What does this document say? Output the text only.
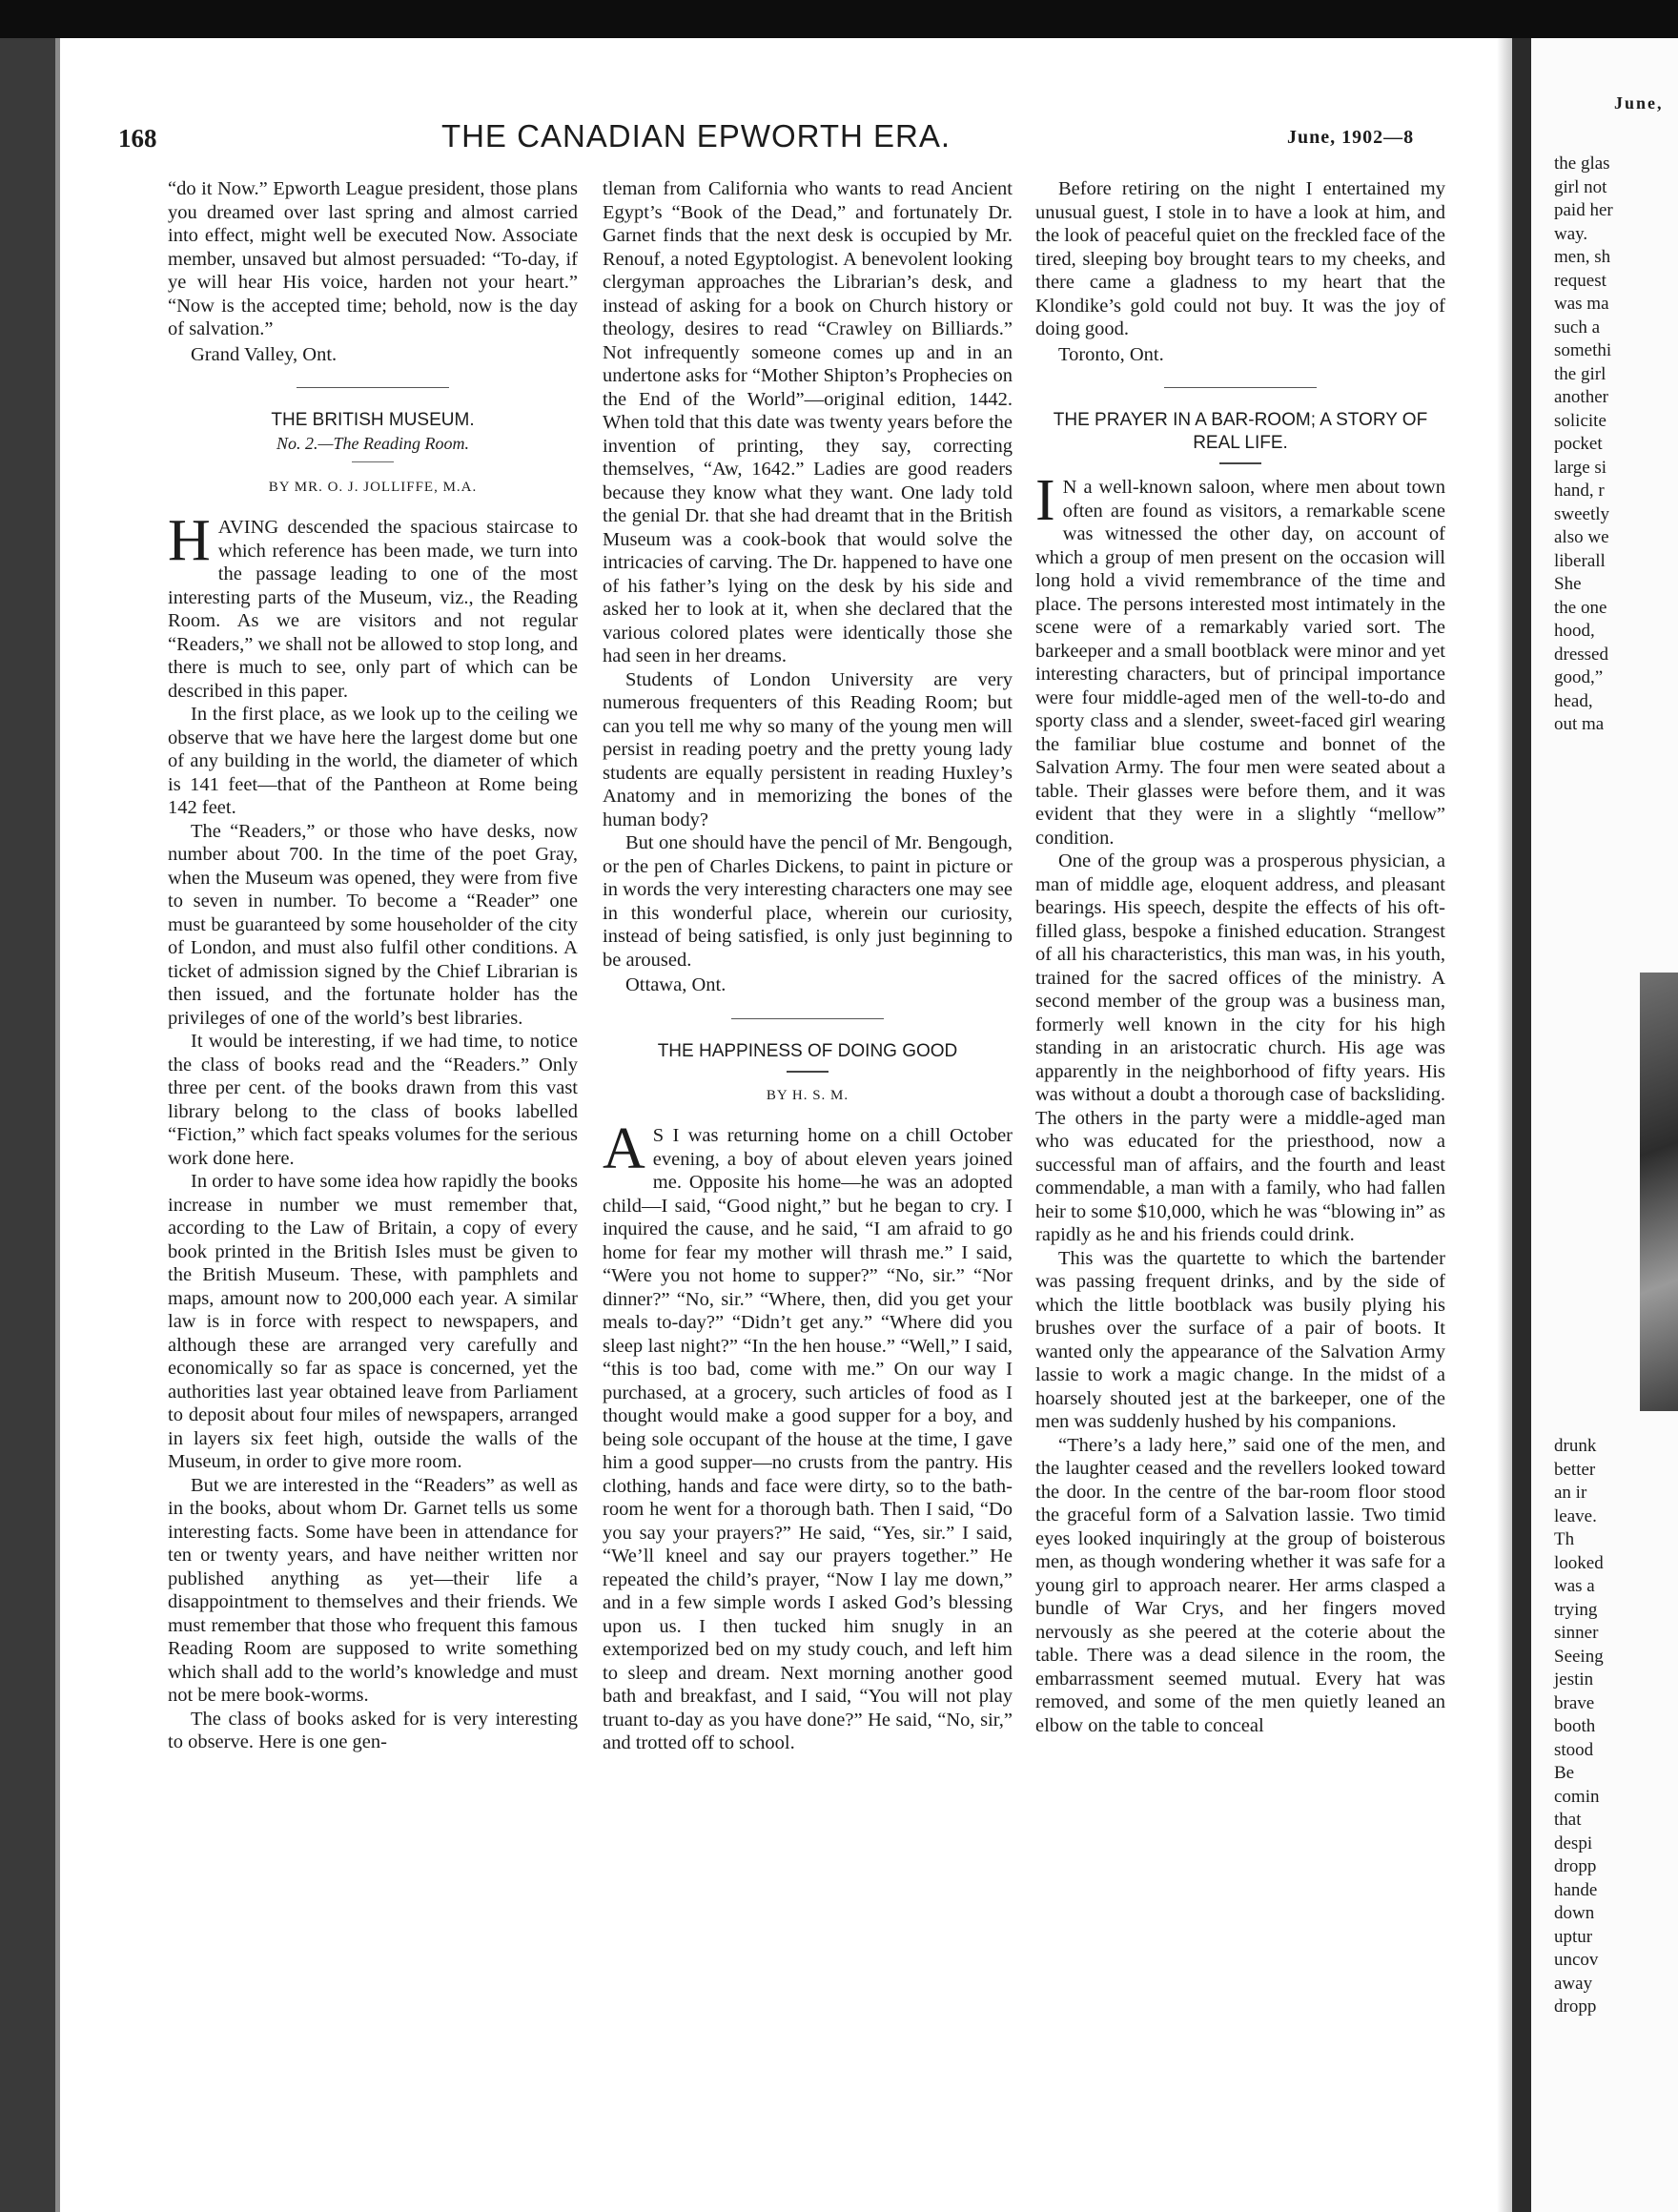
168	THE CANADIAN EPWORTH ERA.	June, 1902—8

“do it Now.” Epworth League president, those plans you dreamed over last spring and almost carried into effect, might well be executed Now. Associate member, unsaved but almost persuaded: “To-day, if ye will hear His voice, harden not your heart.” “Now is the accepted time; behold, now is the day of salvation.”

Grand Valley, Ont.

THE BRITISH MUSEUM.
No. 2.—The Reading Room.
BY MR. O. J. JOLLIFFE, M.A.

HAVING descended the spacious staircase to which reference has been made, we turn into the passage leading to one of the most interesting parts of the Museum, viz., the Reading Room. As we are visitors and not regular “Readers,” we shall not be allowed to stop long, and there is much to see, only part of which can be described in this paper.

In the first place, as we look up to the ceiling we observe that we have here the largest dome but one of any building in the world, the diameter of which is 141 feet—that of the Pantheon at Rome being 142 feet.

The “Readers,” or those who have desks, now number about 700. In the time of the poet Gray, when the Museum was opened, they were from five to seven in number. To become a “Reader” one must be guaranteed by some householder of the city of London, and must also fulfil other conditions. A ticket of admission signed by the Chief Librarian is then issued, and the fortunate holder has the privileges of one of the world’s best libraries.

It would be interesting, if we had time, to notice the class of books read and the “Readers.” Only three per cent. of the books drawn from this vast library belong to the class of books labelled “Fiction,” which fact speaks volumes for the serious work done here.

In order to have some idea how rapidly the books increase in number we must remember that, according to the Law of Britain, a copy of every book printed in the British Isles must be given to the British Museum. These, with pamphlets and maps, amount now to 200,000 each year. A similar law is in force with respect to newspapers, and although these are arranged very carefully and economically so far as space is concerned, yet the authorities last year obtained leave from Parliament to deposit about four miles of newspapers, arranged in layers six feet high, outside the walls of the Museum, in order to give more room.

But we are interested in the “Readers” as well as in the books, about whom Dr. Garnet tells us some interesting facts. Some have been in attendance for ten or twenty years, and have neither written nor published anything as yet—their life a disappointment to themselves and their friends. We must remember that those who frequent this famous Reading Room are supposed to write something which shall add to the world’s knowledge and must not be mere book-worms.

The class of books asked for is very interesting to observe. Here is one gen-

tleman from California who wants to read Ancient Egypt’s “Book of the Dead,” and fortunately Dr. Garnet finds that the next desk is occupied by Mr. Renouf, a noted Egyptologist. A benevolent looking clergyman approaches the Librarian’s desk, and instead of asking for a book on Church history or theology, desires to read “Crawley on Billiards.” Not infrequently someone comes up and in an undertone asks for “Mother Shipton’s Prophecies on the End of the World”—original edition, 1442. When told that this date was twenty years before the invention of printing, they say, correcting themselves, “Aw, 1642.” Ladies are good readers because they know what they want. One lady told the genial Dr. that she had dreamt that in the British Museum was a cook-book that would solve the intricacies of carving. The Dr. happened to have one of his father’s lying on the desk by his side and asked her to look at it, when she declared that the various colored plates were identically those she had seen in her dreams.

Students of London University are very numerous frequenters of this Reading Room; but can you tell me why so many of the young men will persist in reading poetry and the pretty young lady students are equally persistent in reading Huxley’s Anatomy and in memorizing the bones of the human body?

But one should have the pencil of Mr. Bengough, or the pen of Charles Dickens, to paint in picture or in words the very interesting characters one may see in this wonderful place, wherein our curiosity, instead of being satisfied, is only just beginning to be aroused.

Ottawa, Ont.

THE HAPPINESS OF DOING GOOD
BY H. S. M.

A S I was returning home on a chill October evening, a boy of about eleven years joined me. Opposite his home—he was an adopted child—I said, “Good night,” but he began to cry. I inquired the cause, and he said, “I am afraid to go home for fear my mother will thrash me.” I said, “Were you not home to supper?” “No, sir.” “Nor dinner?” “No, sir.” “Where, then, did you get your meals to-day?” “Didn’t get any.” “Where did you sleep last night?” “In the hen house.” “Well,” I said, “this is too bad, come with me.” On our way I purchased, at a grocery, such articles of food as I thought would make a good supper for a boy, and being sole occupant of the house at the time, I gave him a good supper—no crusts from the pantry. His clothing, hands and face were dirty, so to the bath-room he went for a thorough bath. Then I said, “Do you say your prayers?” He said, “Yes, sir.” I said, “We’ll kneel and say our prayers together.” He repeated the child’s prayer, “Now I lay me down,” and in a few simple words I asked God’s blessing upon us. I then tucked him snugly in an extemporized bed on my study couch, and left him to sleep and dream. Next morning another good bath and breakfast, and I said, “You will not play truant to-day as you have done?” He said, “No, sir,” and trotted off to school.

Before retiring on the night I entertained my unusual guest, I stole in to have a look at him, and the look of peaceful quiet on the freckled face of the tired, sleeping boy brought tears to my cheeks, and there came a gladness to my heart that the Klondike’s gold could not buy. It was the joy of doing good.

Toronto, Ont.

THE PRAYER IN A BAR-ROOM; A STORY OF REAL LIFE.

I N a well-known saloon, where men about town often are found as visitors, a remarkable scene was witnessed the other day, on account of which a group of men present on the occasion will long hold a vivid remembrance of the time and place. The persons interested most intimately in the scene were of a remarkably varied sort. The barkeeper and a small bootblack were minor and yet interesting characters, but of principal importance were four middle-aged men of the well-to-do and sporty class and a slender, sweet-faced girl wearing the familiar blue costume and bonnet of the Salvation Army. The four men were seated about a table. Their glasses were before them, and it was evident that they were in a slightly “mellow” condition.

One of the group was a prosperous physician, a man of middle age, eloquent address, and pleasant bearings. His speech, despite the effects of his oft-filled glass, bespoke a finished education. Strangest of all his characteristics, this man was, in his youth, trained for the sacred offices of the ministry. A second member of the group was a business man, formerly well known in the city for his high standing in an aristocratic church. His age was apparently in the neighborhood of fifty years. His was without a doubt a thorough case of backsliding. The others in the party were a middle-aged man who was educated for the priesthood, now a successful man of affairs, and the fourth and least commendable, a man with a family, who had fallen heir to some $10,000, which he was “blowing in” as rapidly as he and his friends could drink.

This was the quartette to which the bartender was passing frequent drinks, and by the side of which the little bootblack was busily plying his brushes over the surface of a pair of boots. It wanted only the appearance of the Salvation Army lassie to work a magic change. In the midst of a hoarsely shouted jest at the barkeeper, one of the men was suddenly hushed by his companions.

“There’s a lady here,” said one of the men, and the laughter ceased and the revellers looked toward the door. In the centre of the bar-room floor stood the graceful form of a Salvation lassie. Two timid eyes looked inquiringly at the group of boisterous men, as though wondering whether it was safe for a young girl to approach nearer. Her arms clasped a bundle of War Crys, and her fingers moved nervously as she peered at the coterie about the table. There was a dead silence in the room, the embarrassment seemed mutual. Every hat was removed, and some of the men quietly leaned an elbow on the table to conceal

June,
the glas
girl not
paid her
way.
men, sh
request
was ma
such a
somethi
the girl
another
solicite
pocket
large si
hand, r
sweetly
also we
liberall
She
the one
hood,
dressed
good,”
head,
out ma
drunk
better
an ir
leave.
Th
looked
was a
trying
sinner
Seeing
jestin
brave
booth
stood
Be
comin
that
despi
dropp
hande
down
uptur
uncov
away
dropp
